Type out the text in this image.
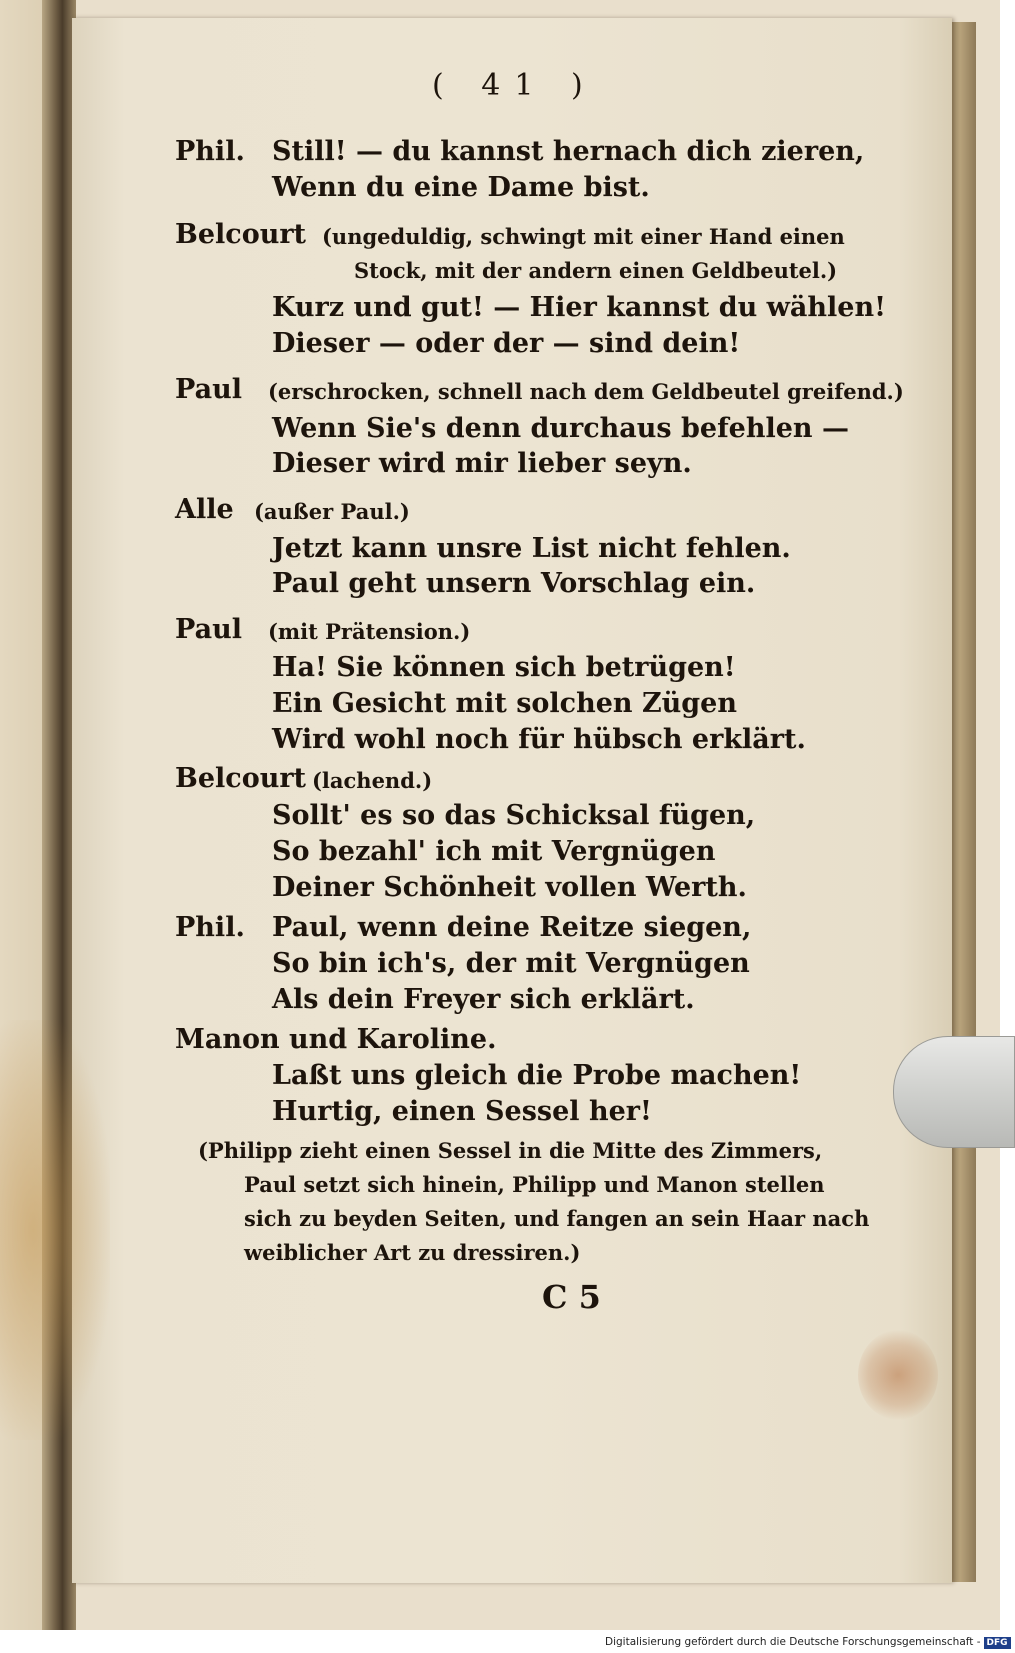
( 41 )
Phil. Still! — du kannst hernach dich zieren,
Wenn du eine Dame bist.
Belcourt (ungeduldig, schwingt mit einer Hand einen
Stock, mit der andern einen Geldbeutel.)
Kurz und gut! — Hier kannst du wählen!
Dieser — oder der — sind dein!
Paul (erschrocken, schnell nach dem Geldbeutel greifend.)
Wenn Sie's denn durchaus befehlen —
Dieser wird mir lieber seyn.
Alle (außer Paul.)
Jetzt kann unsre List nicht fehlen.
Paul geht unsern Vorschlag ein.
Paul (mit Prätension.)
Ha! Sie können sich betrügen!
Ein Gesicht mit solchen Zügen
Wird wohl noch für hübsch erklärt.
Belcourt (lachend.)
Sollt' es so das Schicksal fügen,
So bezahl' ich mit Vergnügen
Deiner Schönheit vollen Werth.
Phil. Paul, wenn deine Reitze siegen,
So bin ich's, der mit Vergnügen
Als dein Freyer sich erklärt.
Manon und Karoline.
Laßt uns gleich die Probe machen!
Hurtig, einen Sessel her!
(Philipp zieht einen Sessel in die Mitte des Zimmers,
Paul setzt sich hinein, Philipp und Manon stellen
sich zu beyden Seiten, und fangen an sein Haar nach
weiblicher Art zu dressiren.)
C 5
Digitalisierung gefördert durch die Deutsche Forschungsgemeinschaft - DFG
